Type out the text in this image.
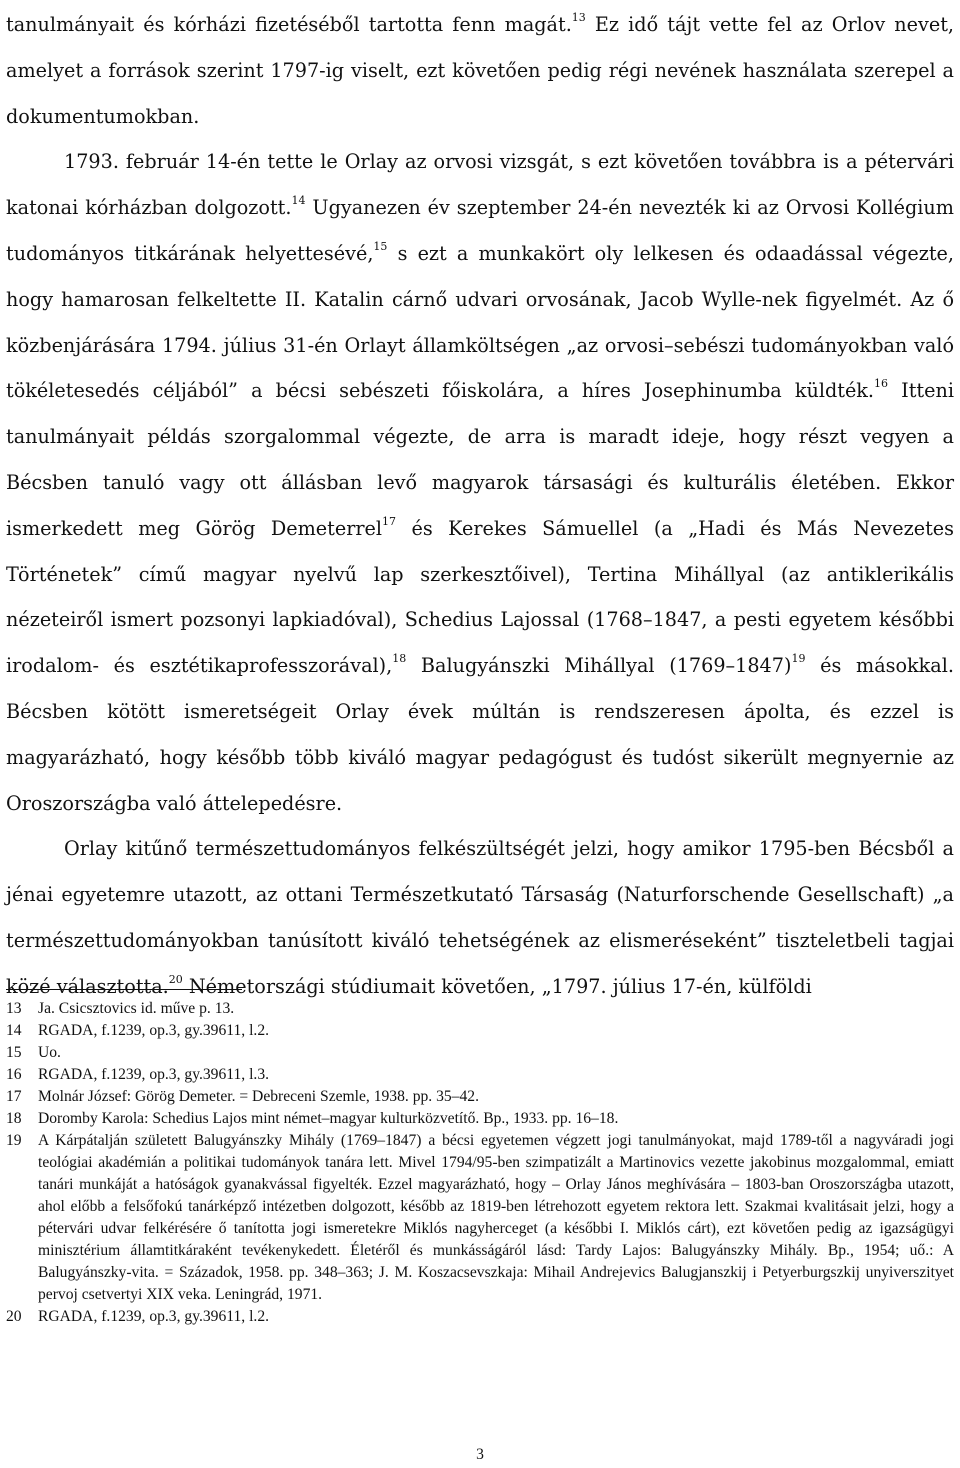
tanulmányait és kórházi fizetéséből tartotta fenn magát.$^{13}$ Ez idő tájt vette fel az Orlov nevet, amelyet a források szerint 1797-ig viselt, ezt követően pedig régi nevének használata szerepel a dokumentumokban.

1793. február 14-én tette le Orlay az orvosi vizsgát, s ezt követően továbbra is a pétervári katonai kórházban dolgozott.$^{14}$ Ugyanezen év szeptember 24-én nevezték ki az Orvosi Kollégium tudományos titkárának helyettesévé,$^{15}$ s ezt a munkakört oly lelkesen és odaadással végezte, hogy hamarosan felkeltette II. Katalin cárnő udvari orvosának, Jacob Wylle-nek figyelmét. Az ő közbenjárására 1794. július 31-én Orlayt államköltségen „az orvosi–sebészi tudományokban való tökéletesedés céljából” a bécsi sebészeti főiskolára, a híres Josephinumba küldték.$^{16}$ Itteni tanulmányait példás szorgalommal végezte, de arra is maradt ideje, hogy részt vegyen a Bécsben tanuló vagy ott állásban levő magyarok társasági és kulturális életében. Ekkor ismerkedett meg Görög Demeterrel$^{17}$ és Kerekes Sámuellel (a „Hadi és Más Nevezetes Történetek” című magyar nyelvű lap szerkesztőivel), Tertina Mihállyal (az antiklerikális nézeteiről ismert pozsonyi lapkiadóval), Schedius Lajossal (1768–1847, a pesti egyetem későbbi irodalom- és esztétikaprofesszorával),$^{18}$ Balugyánszki Mihállyal (1769–1847)$^{19}$ és másokkal. Bécsben kötött ismeretségeit Orlay évek múltán is rendszeresen ápolta, és ezzel is magyarázható, hogy később több kiváló magyar pedagógust és tudóst sikerült megnyernie az Oroszországba való áttelepedésre.

Orlay kitűnő természettudományos felkészültségét jelzi, hogy amikor 1795-ben Bécsből a jénai egyetemre utazott, az ottani Természetkutató Társaság (Naturforschende Gesellschaft) „a természettudományokban tanúsított kiváló tehetségének az elismeréseként” tiszteletbeli tagjai közé választotta.$^{20}$ Németországi stúdiumait követően, „1797. július 17-én, külföldi

13	Ja. Csicsztovics id. műve p. 13.
14	RGADA, f.1239, op.3, gy.39611, l.2.
15	Uo.
16	RGADA, f.1239, op.3, gy.39611, l.3.
17	Molnár József: Görög Demeter. = Debreceni Szemle, 1938. pp. 35–42.
18	Doromby Karola: Schedius Lajos mint német–magyar kulturközvetítő. Bp., 1933. pp. 16–18.
19	A Kárpátalján született Balugyánszky Mihály (1769–1847) a bécsi egyetemen végzett jogi tanulmányokat, majd 1789-től a nagyváradi jogi teológiai akadémián a politikai tudományok tanára lett. Mivel 1794/95-ben szimpatizált a Martinovics vezette jakobinus mozgalommal, emiatt tanári munkáját a hatóságok gyanakvással figyelték. Ezzel magyarázható, hogy – Orlay János meghívására – 1803-ban Oroszországba utazott, ahol előbb a felsőfokú tanárképző intézetben dolgozott, később az 1819-ben létrehozott egyetem rektora lett. Szakmai kvalitásait jelzi, hogy a pétervári udvar felkérésére ő tanította jogi ismeretekre Miklós nagyherceget (a későbbi I. Miklós cárt), ezt követően pedig az igazságügyi minisztérium államtitkáraként tevékenykedett. Életéről és munkásságáról lásd: Tardy Lajos: Balugyánszky Mihály. Bp., 1954; uő.: A Balugyánszky-vita. = Századok, 1958. pp. 348–363; J. M. Koszacsevszkaja: Mihail Andrejevics Balugjanszkij i Petyerburgszkij unyiverszityet pervoj csetvertyi XIX veka. Leningrád, 1971.
20	RGADA, f.1239, op.3, gy.39611, l.2.
3
